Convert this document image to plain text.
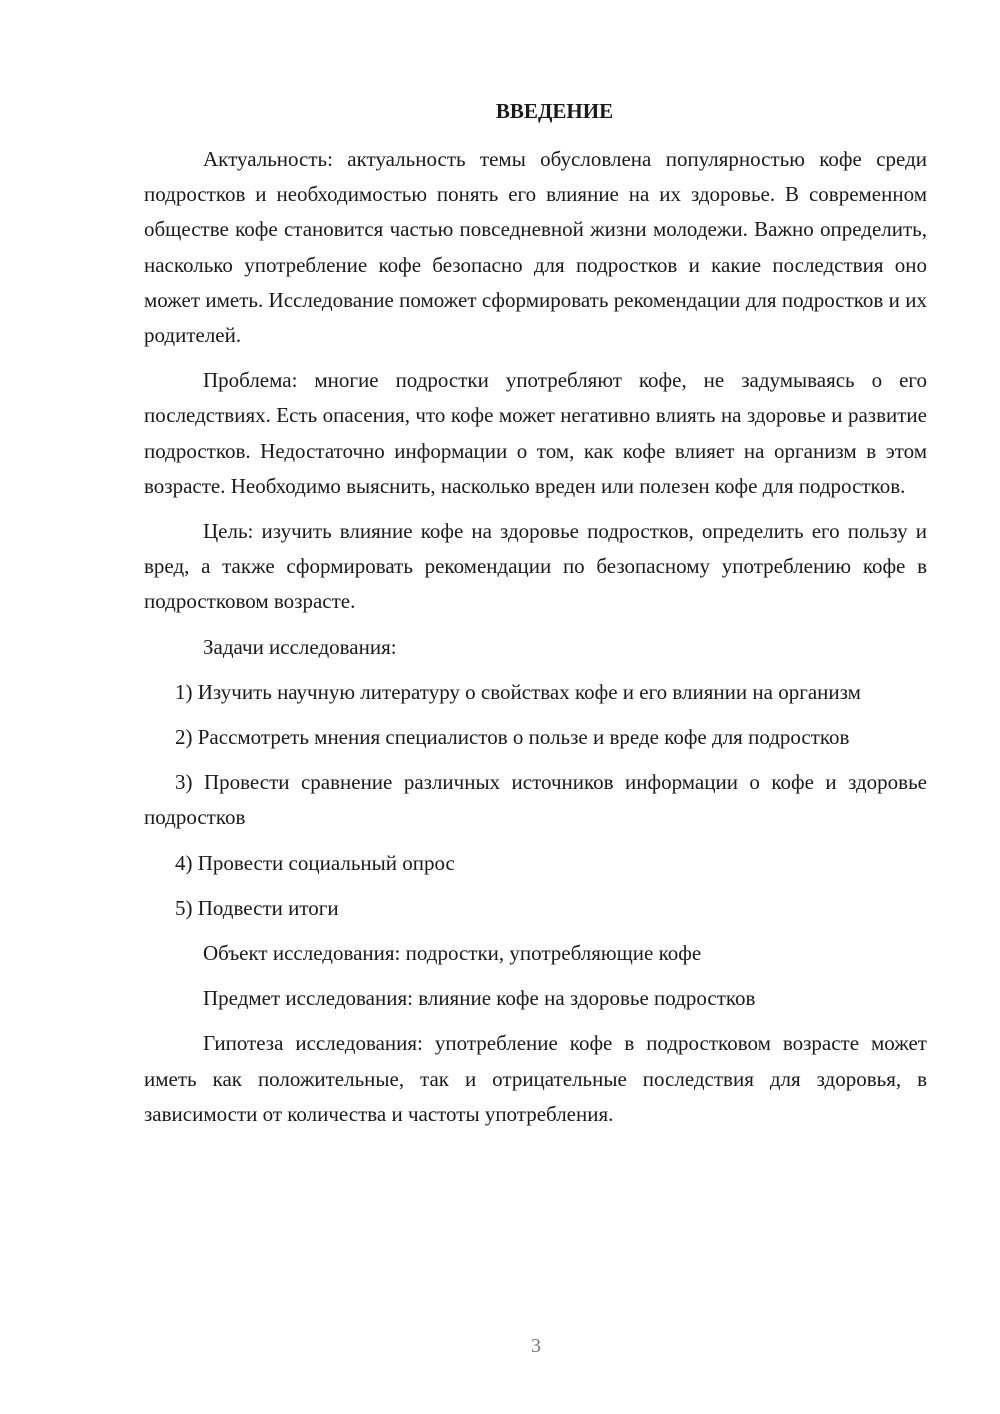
ВВЕДЕНИЕ

Актуальность: актуальность темы обусловлена популярностью кофе среди подростков и необходимостью понять его влияние на их здоровье. В современном обществе кофе становится частью повседневной жизни молодежи. Важно определить, насколько употребление кофе безопасно для подростков и какие последствия оно может иметь. Исследование поможет сформировать рекомендации для подростков и их родителей.

Проблема: многие подростки употребляют кофе, не задумываясь о его последствиях. Есть опасения, что кофе может негативно влиять на здоровье и развитие подростков. Недостаточно информации о том, как кофе влияет на организм в этом возрасте. Необходимо выяснить, насколько вреден или полезен кофе для подростков.

Цель: изучить влияние кофе на здоровье подростков, определить его пользу и вред, а также сформировать рекомендации по безопасному употреблению кофе в подростковом возрасте.

Задачи исследования:

1) Изучить научную литературу о свойствах кофе и его влиянии на организм

2) Рассмотреть мнения специалистов о пользе и вреде кофе для подростков

3) Провести сравнение различных источников информации о кофе и здоровье подростков

4) Провести социальный опрос

5) Подвести итоги

Объект исследования: подростки, употребляющие кофе

Предмет исследования: влияние кофе на здоровье подростков

Гипотеза исследования: употребление кофе в подростковом возрасте может иметь как положительные, так и отрицательные последствия для здоровья, в зависимости от количества и частоты употребления.

3
